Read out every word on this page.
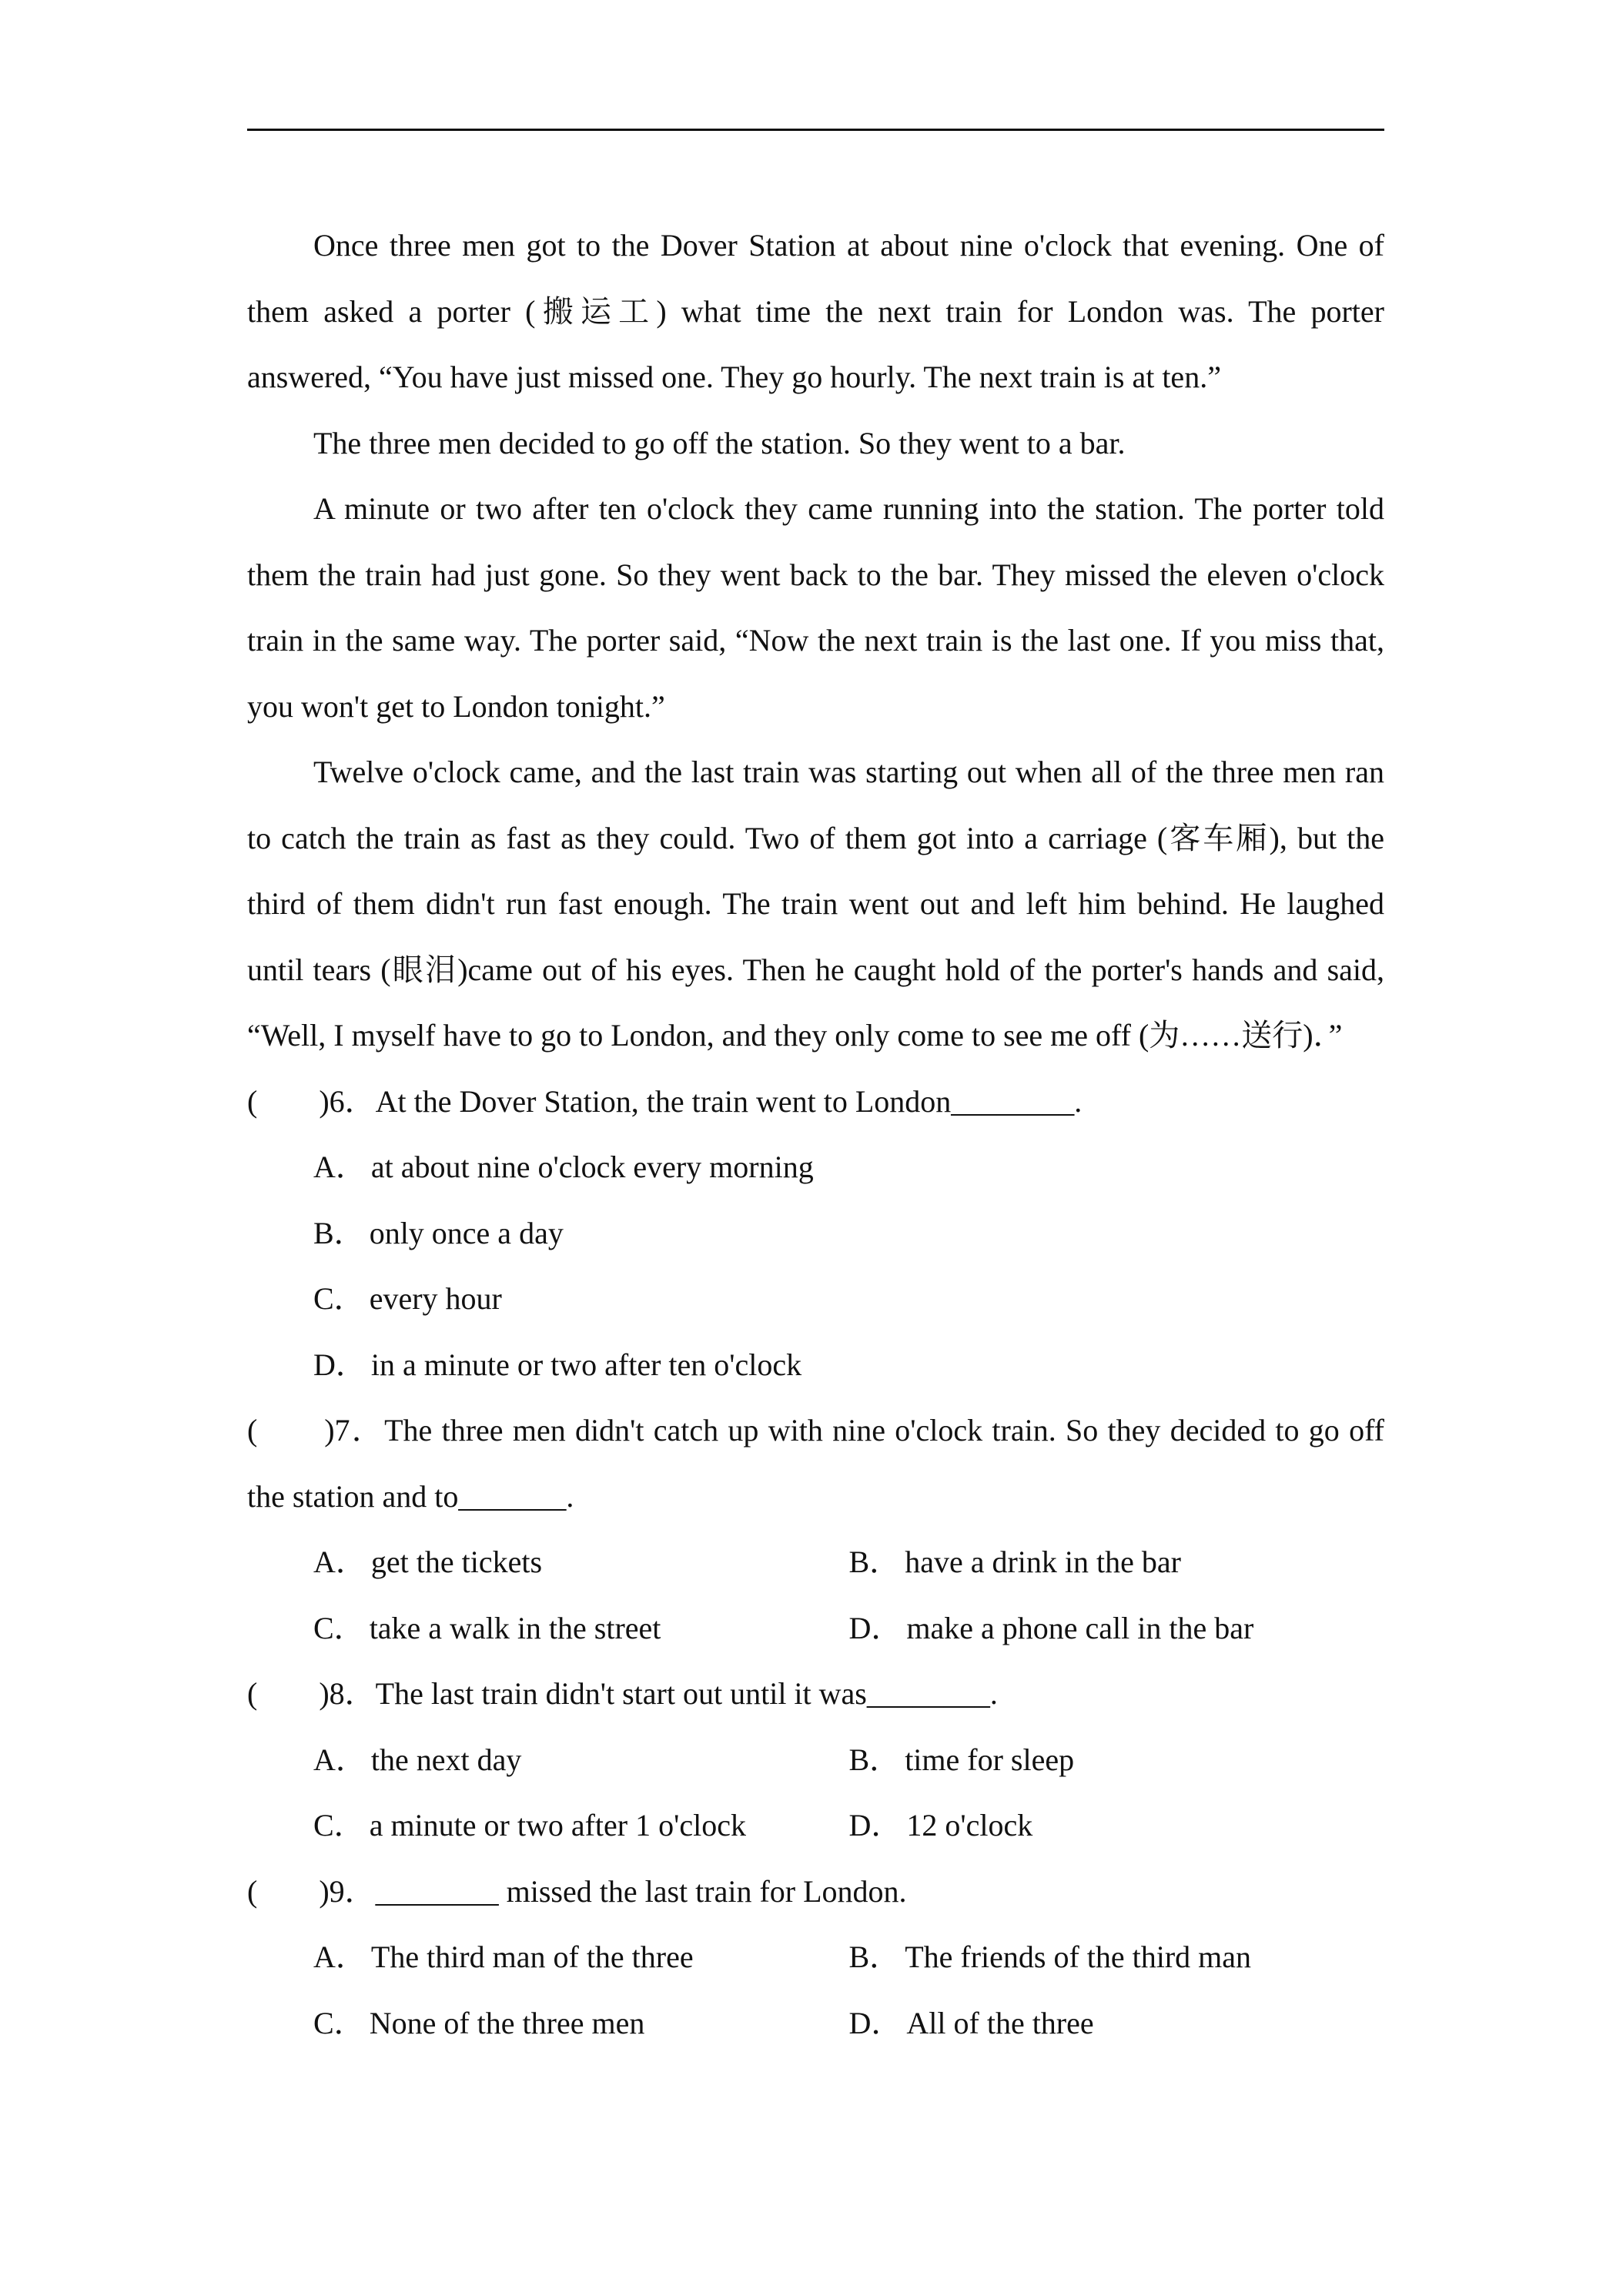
Once three men got to the Dover Station at about nine o'clock that evening. One of them asked a porter (搬运工) what time the next train for London was. The porter answered, “You have just missed one. They go hourly. The next train is at ten.”

The three men decided to go off the station. So they went to a bar.

A minute or two after ten o'clock they came running into the station. The porter told them the train had just gone. So they went back to the bar. They missed the eleven o'clock train in the same way. The porter said, “Now the next train is the last one. If you miss that, you won't get to London tonight.”

Twelve o'clock came, and the last train was starting out when all of the three men ran to catch the train as fast as they could. Two of them got into a carriage (客车厢), but the third of them didn't run fast enough. The train went out and left him behind. He laughed until tears (眼泪)came out of his eyes. Then he caught hold of the porter's hands and said, “Well, I myself have to go to London, and they only come to see me off (为……送行)．”

(　　)6．At the Dover Station, the train went to London________.

A． at about nine o'clock every morning

B． only once a day

C． every hour

D． in a minute or two after ten o'clock

(　　)7．The three men didn't catch up with nine o'clock train. So they decided to go off the station and to_______.

A． get the tickets	B． have a drink in the bar
C． take a walk in the street	D． make a phone call in the bar

(　　)8．The last train didn't start out until it was________.

A． the next day	B． time for sleep
C． a minute or two after 1 o'clock	D． 12 o'clock

(　　)9．________ missed the last train for London.

A． The third man of the three	B． The friends of the third man
C． None of the three men	D． All of the three
